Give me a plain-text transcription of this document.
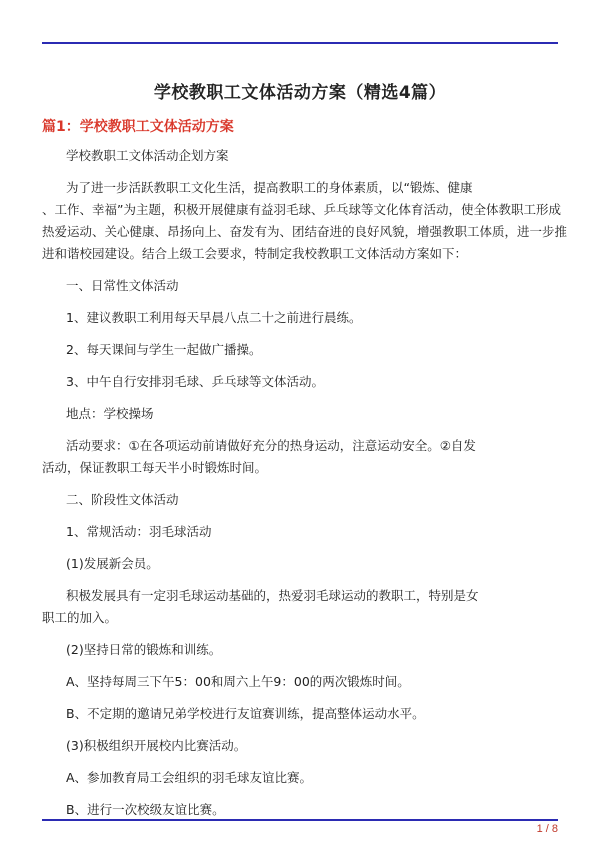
学校教职工文体活动方案（精选4篇）
篇1：学校教职工文体活动方案
学校教职工文体活动企划方案
为了进一步活跃教职工文化生活，提高教职工的身体素质，以“锻炼、健康
、工作、幸福”为主题，积极开展健康有益羽毛球、乒乓球等文化体育活动，使全体教职工形成
热爱运动、关心健康、昂扬向上、奋发有为、团结奋进的良好风貌，增强教职工体质，进一步推
进和谐校园建设。结合上级工会要求，特制定我校教职工文体活动方案如下：
一、日常性文体活动
1、建议教职工利用每天早晨八点二十之前进行晨练。
2、每天课间与学生一起做广播操。
3、中午自行安排羽毛球、乒乓球等文体活动。
地点：学校操场
活动要求：①在各项运动前请做好充分的热身运动，注意运动安全。②自发
活动，保证教职工每天半小时锻炼时间。
二、阶段性文体活动
1、常规活动：羽毛球活动
(1)发展新会员。
积极发展具有一定羽毛球运动基础的，热爱羽毛球运动的教职工，特别是女
职工的加入。
(2)坚持日常的锻炼和训练。
A、坚持每周三下午5：00和周六上午9：00的两次锻炼时间。
B、不定期的邀请兄弟学校进行友谊赛训练，提高整体运动水平。
(3)积极组织开展校内比赛活动。
A、参加教育局工会组织的羽毛球友谊比赛。
B、进行一次校级友谊比赛。
1 / 8
